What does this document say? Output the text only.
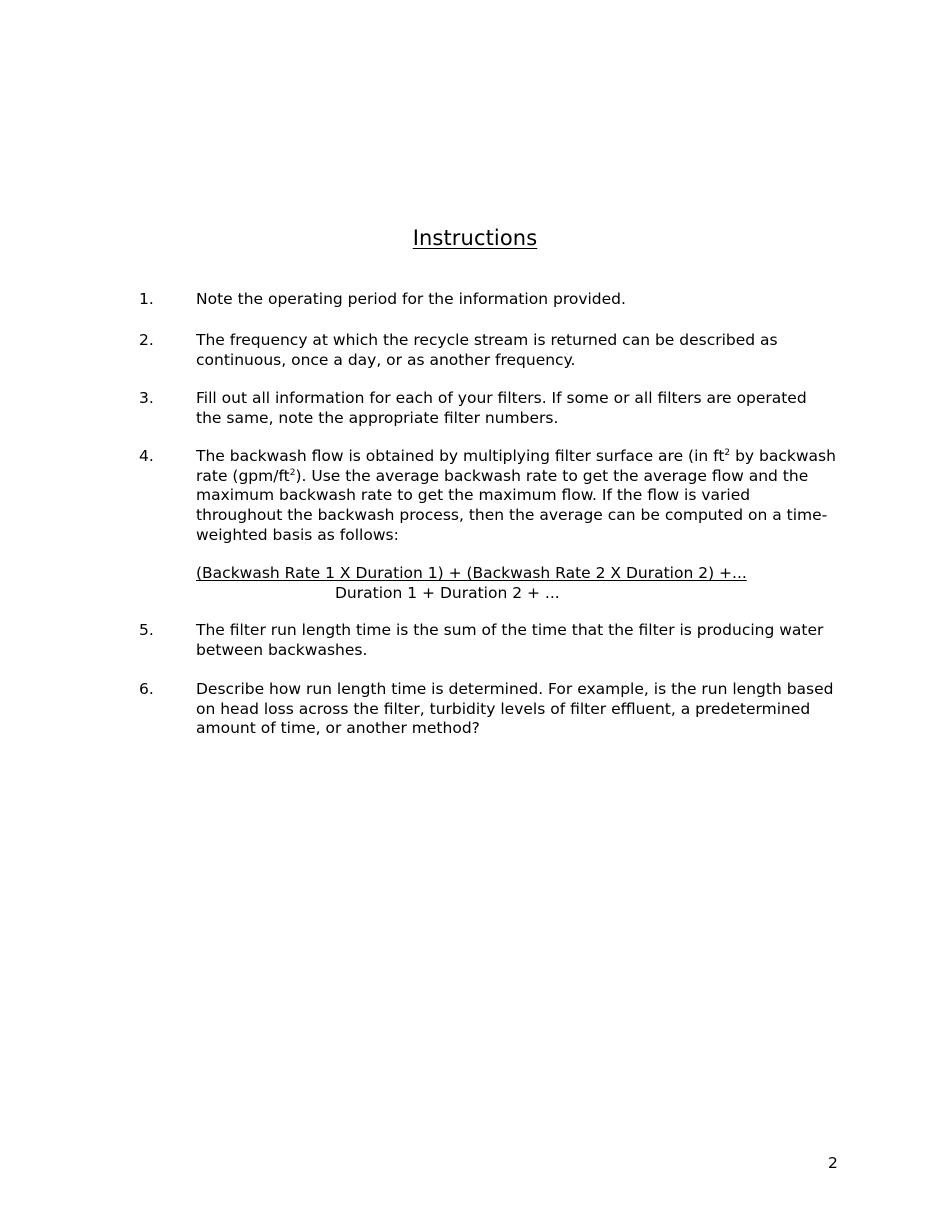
Instructions
1.	Note the operating period for the information provided.
2.	The frequency at which the recycle stream is returned can be described as continuous, once a day, or as another frequency.
3.	Fill out all information for each of your filters. If some or all filters are operated the same, note the appropriate filter numbers.
4.	The backwash flow is obtained by multiplying filter surface are (in $ft^2$ by backwash rate $(gpm/ft^2)$. Use the average backwash rate to get the average flow and the maximum backwash rate to get the maximum flow. If the flow is varied throughout the backwash process, then the average can be computed on a time-weighted basis as follows:
(Backwash Rate 1 X Duration 1) + (Backwash Rate 2 X Duration 2) +...
Duration 1 + Duration 2 + ...
5.	The filter run length time is the sum of the time that the filter is producing water between backwashes.
6.	Describe how run length time is determined. For example, is the run length based on head loss across the filter, turbidity levels of filter effluent, a predetermined amount of time, or another method?
2
